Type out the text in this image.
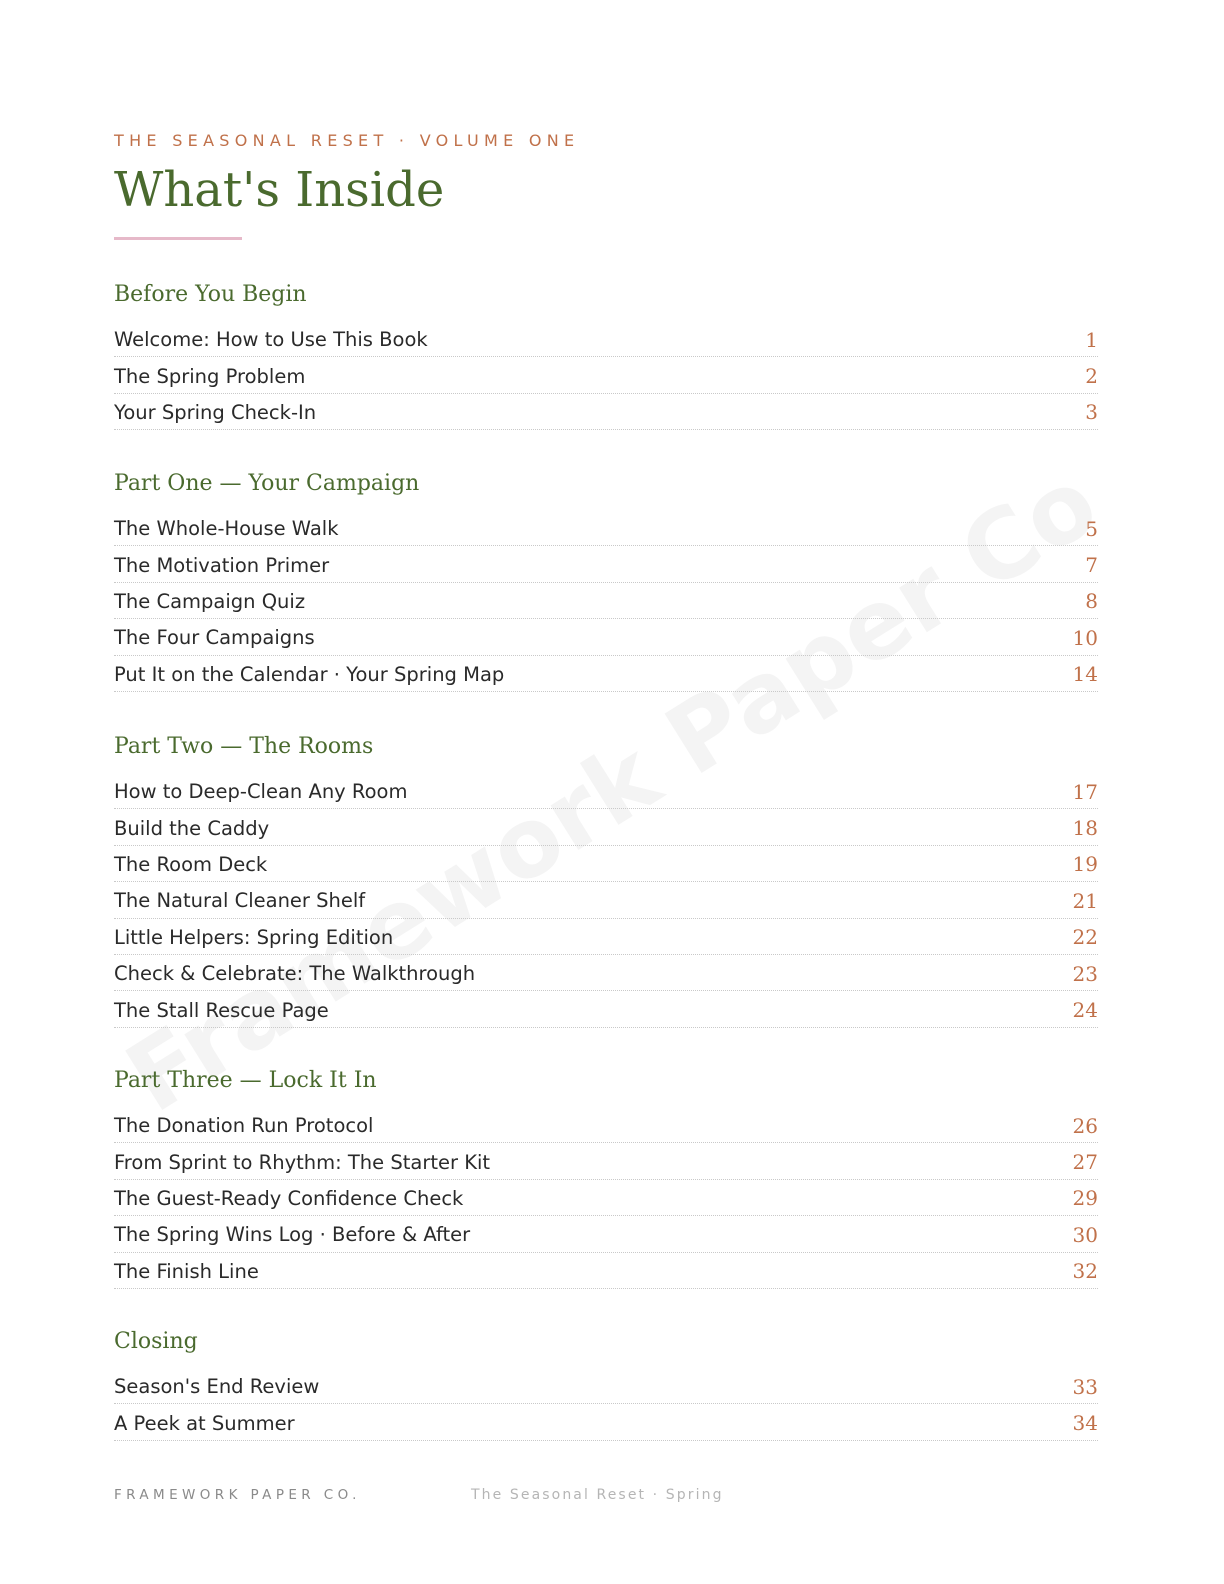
THE SEASONAL RESET · VOLUME ONE
What's Inside
Before You Begin
Welcome: How to Use This Book	1
The Spring Problem	2
Your Spring Check-In	3
Part One — Your Campaign
The Whole-House Walk	5
The Motivation Primer	7
The Campaign Quiz	8
The Four Campaigns	10
Put It on the Calendar · Your Spring Map	14
Part Two — The Rooms
How to Deep-Clean Any Room	17
Build the Caddy	18
The Room Deck	19
The Natural Cleaner Shelf	21
Little Helpers: Spring Edition	22
Check & Celebrate: The Walkthrough	23
The Stall Rescue Page	24
Part Three — Lock It In
The Donation Run Protocol	26
From Sprint to Rhythm: The Starter Kit	27
The Guest-Ready Confidence Check	29
The Spring Wins Log · Before & After	30
The Finish Line	32
Closing
Season's End Review	33
A Peek at Summer	34
FRAMEWORK PAPER CO.	The Seasonal Reset · Spring
